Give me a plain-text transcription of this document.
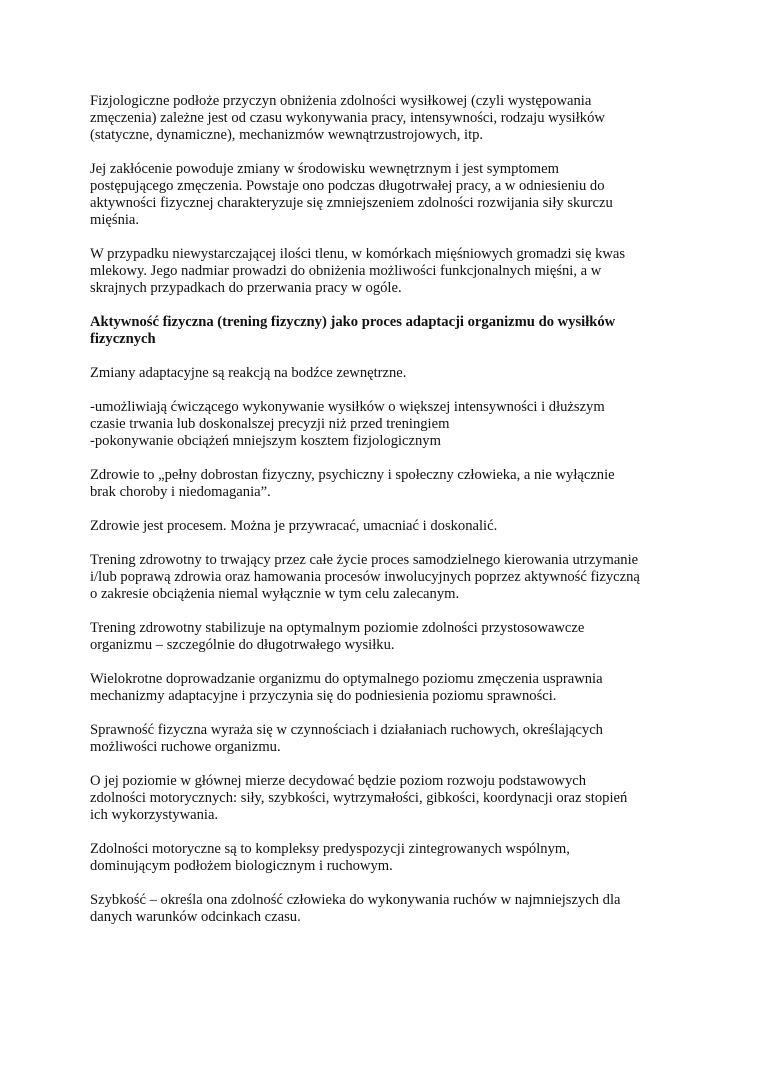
Fizjologiczne podłoże przyczyn obniżenia zdolności wysiłkowej (czyli występowania
zmęczenia) zależne jest od czasu wykonywania pracy, intensywności, rodzaju wysiłków
(statyczne, dynamiczne), mechanizmów wewnątrzustrojowych, itp.

Jej zakłócenie powoduje zmiany w środowisku wewnętrznym i jest symptomem
postępującego zmęczenia. Powstaje ono podczas długotrwałej pracy, a w odniesieniu do
aktywności fizycznej charakteryzuje się zmniejszeniem zdolności rozwijania siły skurczu
mięśnia.

W przypadku niewystarczającej ilości tlenu, w komórkach mięśniowych gromadzi się kwas
mlekowy. Jego nadmiar prowadzi do obniżenia możliwości funkcjonalnych mięśni, a w
skrajnych przypadkach do przerwania pracy w ogóle.

Aktywność fizyczna (trening fizyczny) jako proces adaptacji organizmu do wysiłków
fizycznych

Zmiany adaptacyjne są reakcją na bodźce zewnętrzne.

-umożliwiają ćwiczącego wykonywanie wysiłków o większej intensywności i dłuższym
czasie trwania lub doskonalszej precyzji niż przed treningiem
-pokonywanie obciążeń mniejszym kosztem fizjologicznym

Zdrowie to „pełny dobrostan fizyczny, psychiczny i społeczny człowieka, a nie wyłącznie
brak choroby i niedomagania”.

Zdrowie jest procesem. Można je przywracać, umacniać i doskonalić.

Trening zdrowotny to trwający przez całe życie proces samodzielnego kierowania utrzymanie
i/lub poprawą zdrowia oraz hamowania procesów inwolucyjnych poprzez aktywność fizyczną
o zakresie obciążenia niemal wyłącznie w tym celu zalecanym.

Trening zdrowotny stabilizuje na optymalnym poziomie zdolności przystosowawcze
organizmu – szczególnie do długotrwałego wysiłku.

Wielokrotne doprowadzanie organizmu do optymalnego poziomu zmęczenia usprawnia
mechanizmy adaptacyjne i przyczynia się do podniesienia poziomu sprawności.

Sprawność fizyczna wyraża się w czynnościach i działaniach ruchowych, określających
możliwości ruchowe organizmu.

O jej poziomie w głównej mierze decydować będzie poziom rozwoju podstawowych
zdolności motorycznych: siły, szybkości, wytrzymałości, gibkości, koordynacji oraz stopień
ich wykorzystywania.

Zdolności motoryczne są to kompleksy predyspozycji zintegrowanych wspólnym,
dominującym podłożem biologicznym i ruchowym.

Szybkość – określa ona zdolność człowieka do wykonywania ruchów w najmniejszych dla
danych warunków odcinkach czasu.
